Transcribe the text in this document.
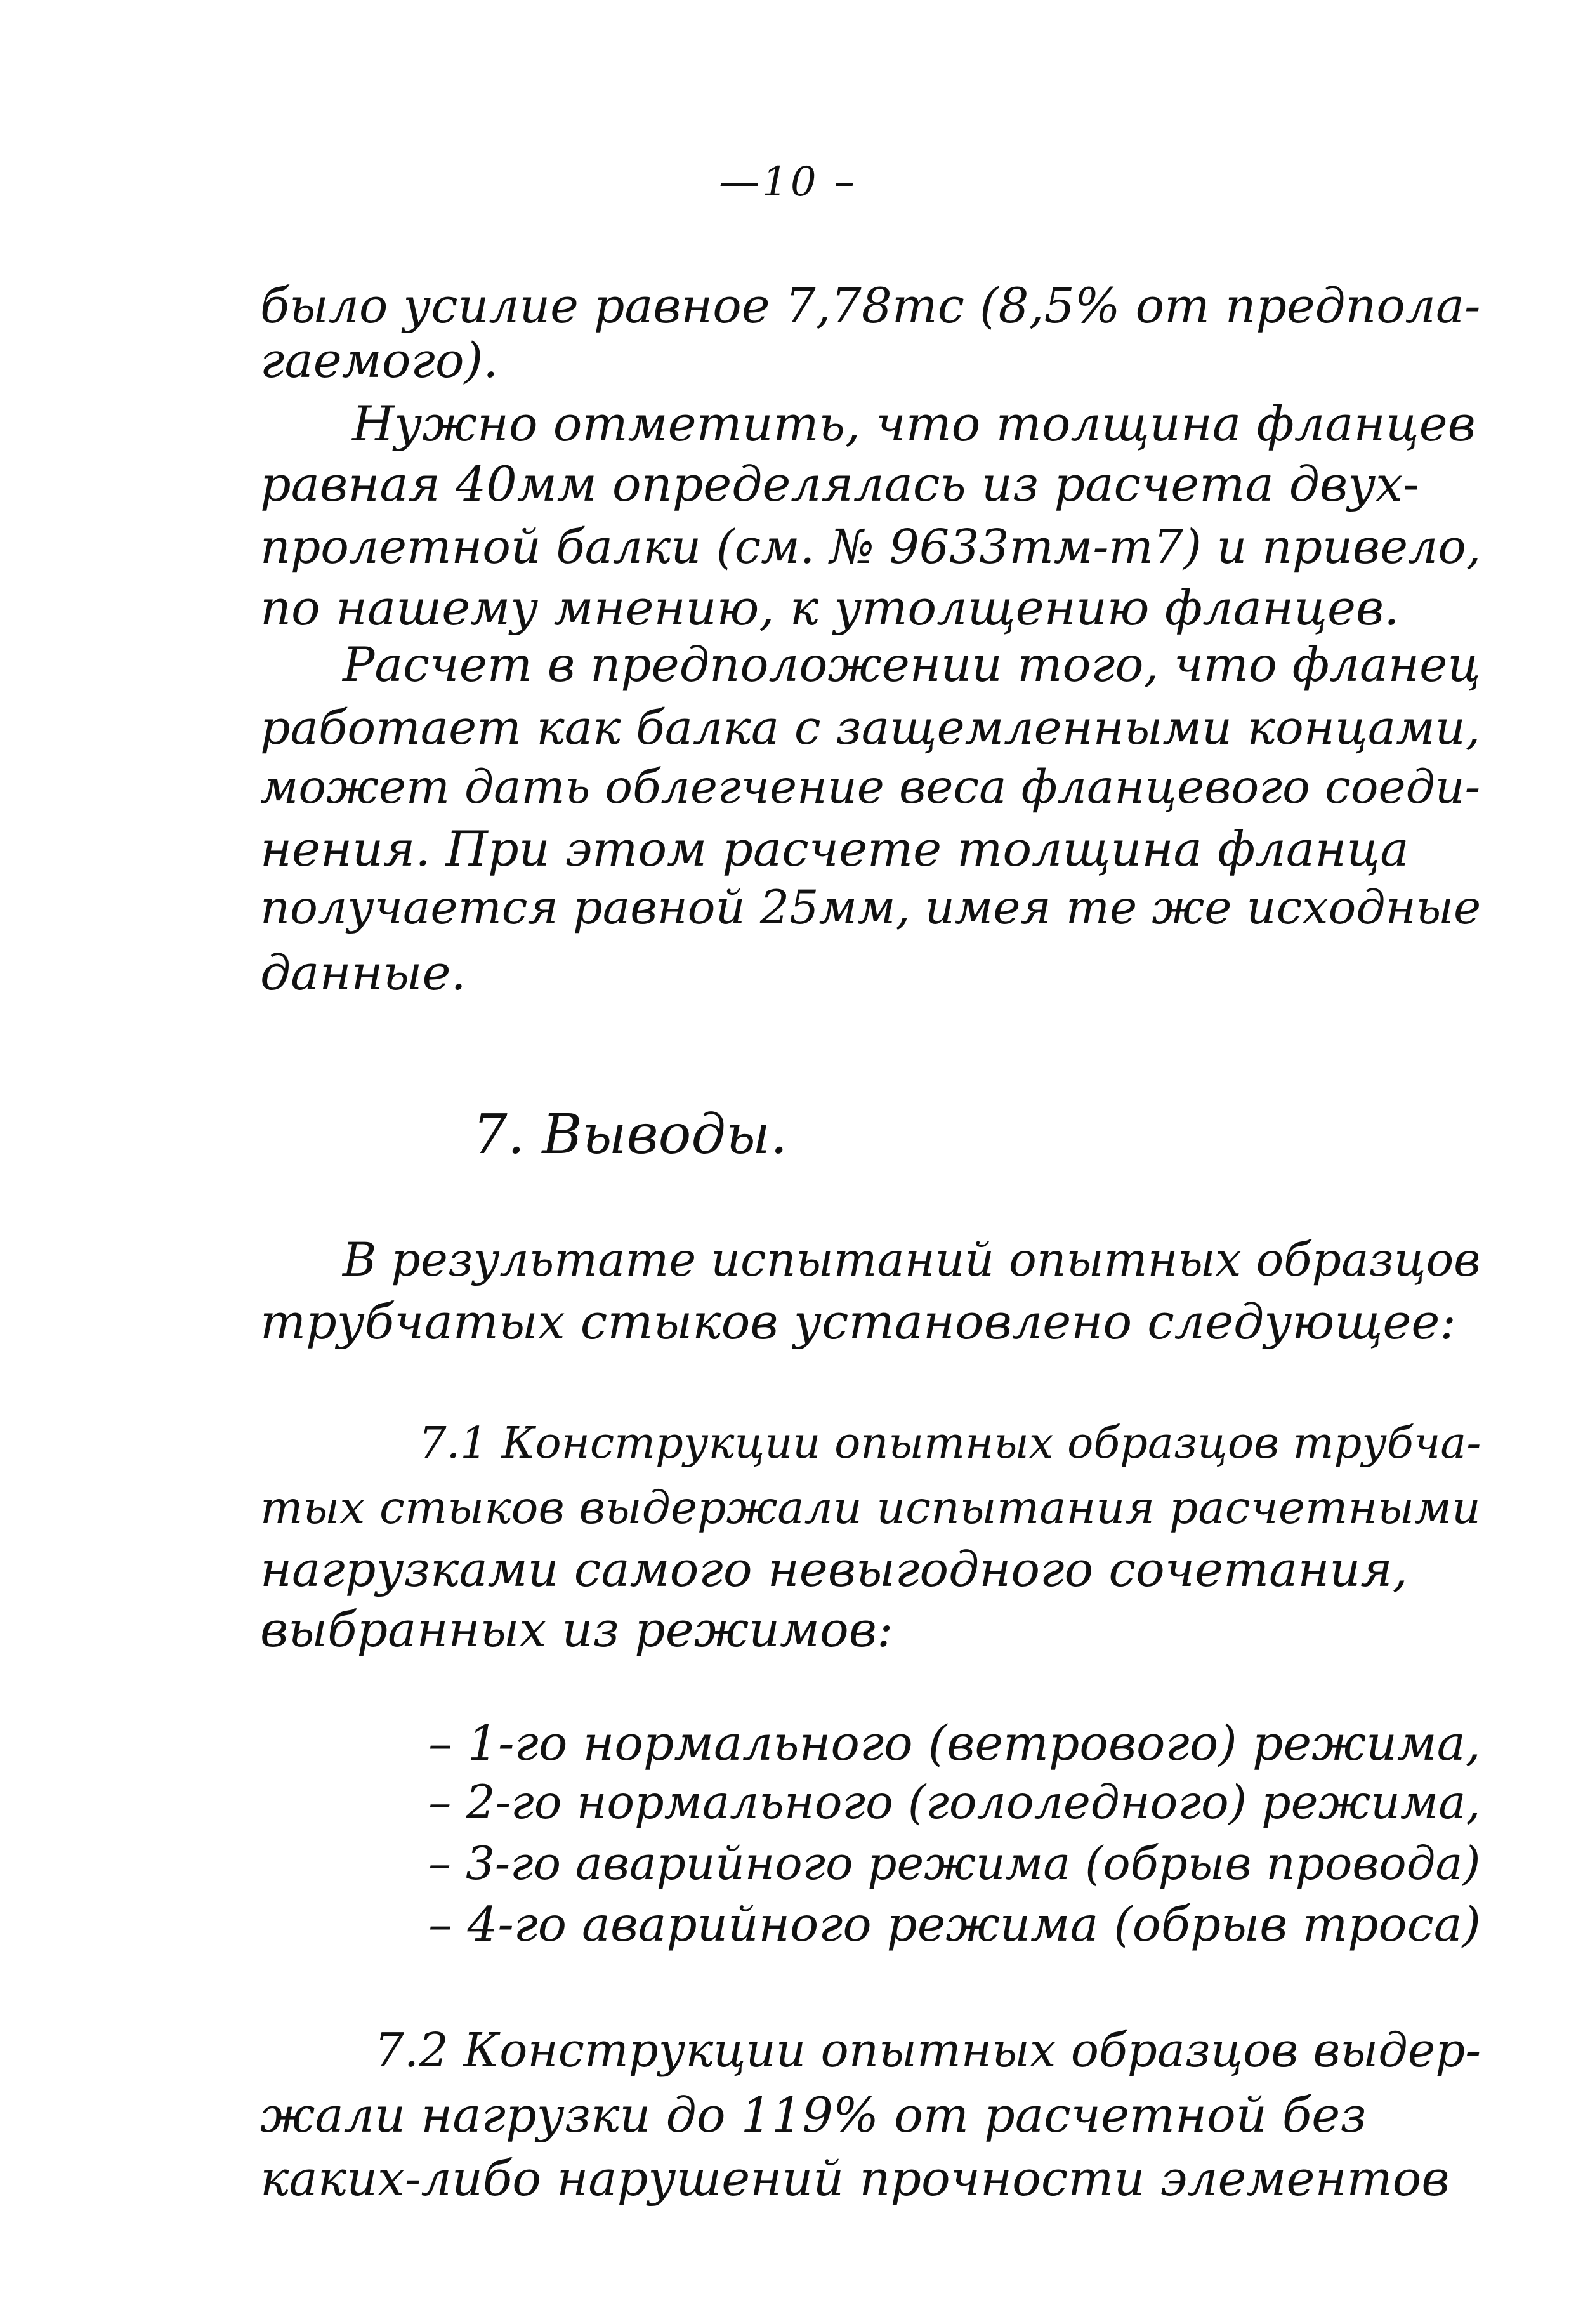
—10 –
было усилие равное 7,78тс (8,5% от предпола-
гаемого).
Нужно отметить, что толщина фланцев
равная 40мм определялась из расчета двух-
пролетной балки (см. № 9633тм-т7) и привело,
по нашему мнению, к утолщению фланцев.
Расчет в предположении того, что фланец
работает как балка с защемленными концами,
может дать облегчение веса фланцевого соеди-
нения. При этом расчете толщина фланца
получается равной 25мм, имея те же исходные
данные.
7. Выводы.
В результате испытаний опытных образцов
трубчатых стыков установлено следующее:
7.1 Конструкции опытных образцов трубча-
тых стыков выдержали испытания расчетными
нагрузками самого невыгодного сочетания,
выбранных из режимов:
– 1-го нормального (ветрового) режима,
– 2-го нормального (гололедного) режима,
– 3-го аварийного режима (обрыв провода)
– 4-го аварийного режима (обрыв троса)
7.2 Конструкции опытных образцов выдер-
жали нагрузки до 119% от расчетной без
каких-либо нарушений прочности элементов
